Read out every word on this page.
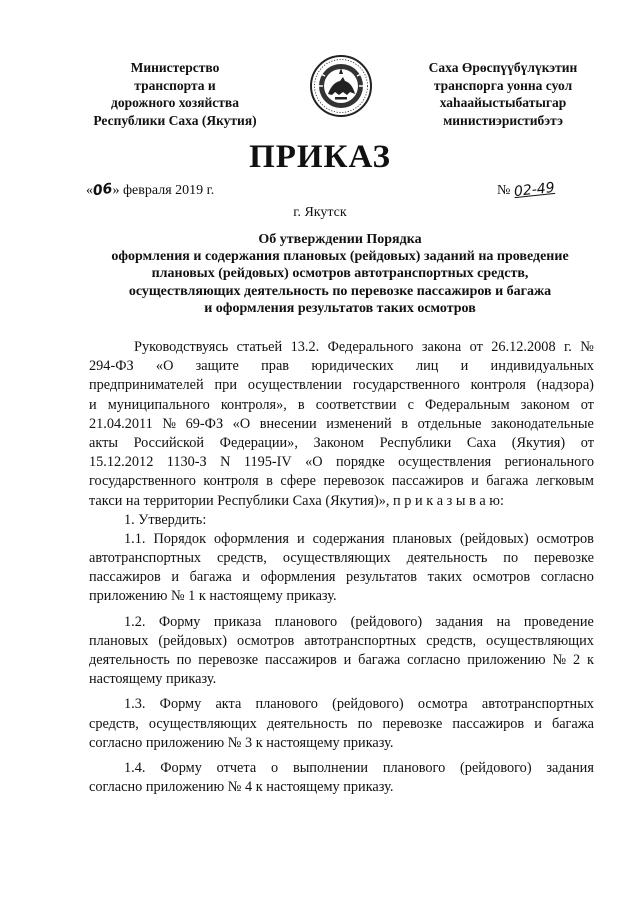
Министерство
транспорта и
дорожного хозяйства
Республики Саха (Якутия)
Саха Өрөспүүбүлүкэтин
транспорга уонна суол
хаһаайыстыбатыгар
министиэристибэтэ
ПРИКАЗ
«06» февраля 2019 г.	№ 02-49
г. Якутск
Об утверждении Порядка
оформления и содержания плановых (рейдовых) заданий на проведение
плановых (рейдовых) осмотров автотранспортных средств,
осуществляющих деятельность по перевозке пассажиров и багажа
и оформления результатов таких осмотров
Руководствуясь статьей 13.2. Федерального закона от 26.12.2008 г. №
294-ФЗ «О защите прав юридических лиц и индивидуальных
предпринимателей при осуществлении государственного контроля (надзора)
и муниципального контроля», в соответствии с Федеральным законом от
21.04.2011 № 69-ФЗ «О внесении изменений в отдельные законодательные
акты Российской Федерации», Законом Республики Саха (Якутия) от
15.12.2012 1130-З N 1195-IV «О порядке осуществления регионального
государственного контроля в сфере перевозок пассажиров и багажа легковым
такси на территории Республики Саха (Якутия)», п р и к а з ы в а ю:
1. Утвердить:
1.1. Порядок оформления и содержания плановых (рейдовых) осмотров
автотранспортных средств, осуществляющих деятельность по перевозке
пассажиров и багажа и оформления результатов таких осмотров согласно
приложению № 1 к настоящему приказу.
1.2. Форму приказа планового (рейдового) задания на проведение
плановых (рейдовых) осмотров автотранспортных средств, осуществляющих
деятельность по перевозке пассажиров и багажа согласно приложению № 2 к
настоящему приказу.
1.3. Форму акта планового (рейдового) осмотра автотранспортных
средств, осуществляющих деятельность по перевозке пассажиров и багажа
согласно приложению № 3 к настоящему приказу.
1.4. Форму отчета о выполнении планового (рейдового) задания
согласно приложению № 4 к настоящему приказу.
